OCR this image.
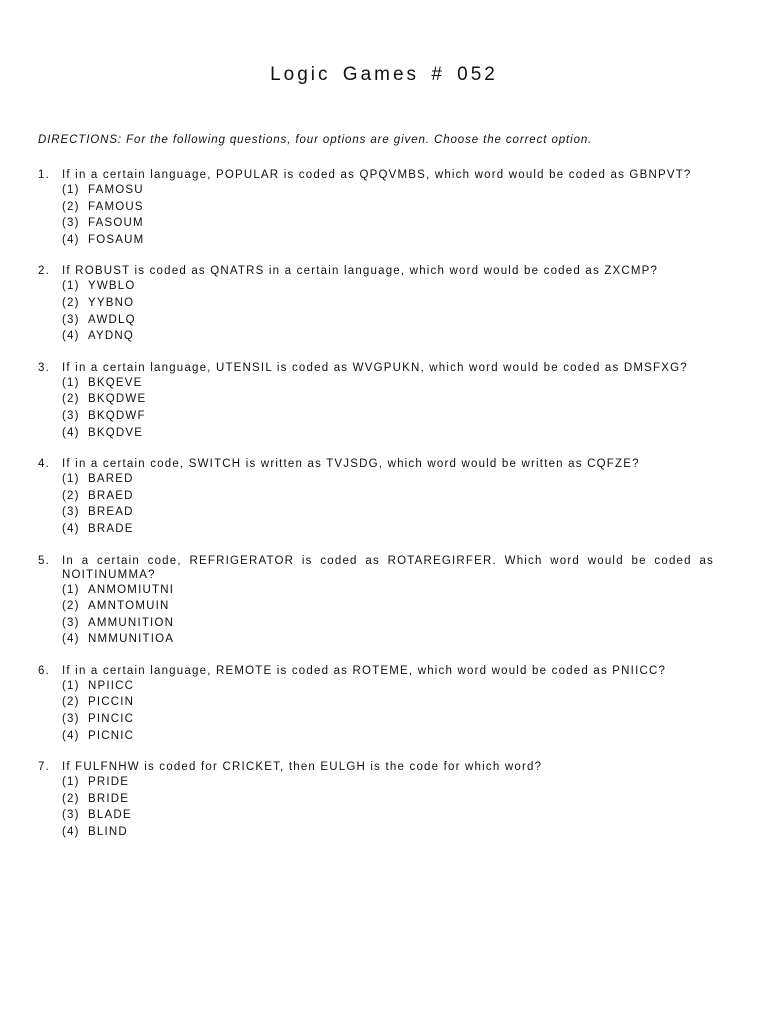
Logic Games # 052
DIRECTIONS: For the following questions, four options are given. Choose the correct option.
1.	If in a certain language, POPULAR is coded as QPQVMBS, which word would be coded as GBNPVT?
(1) FAMOSU
(2) FAMOUS
(3) FASOUM
(4) FOSAUM
2.	If ROBUST is coded as QNATRS in a certain language, which word would be coded as ZXCMP?
(1) YWBLO
(2) YYBNO
(3) AWDLQ
(4) AYDNQ
3.	If in a certain language, UTENSIL is coded as WVGPUKN, which word would be coded as DMSFXG?
(1) BKQEVE
(2) BKQDWE
(3) BKQDWF
(4) BKQDVE
4.	If in a certain code, SWITCH is written as TVJSDG, which word would be written as CQFZE?
(1) BARED
(2) BRAED
(3) BREAD
(4) BRADE
5.	In a certain code, REFRIGERATOR is coded as ROTAREGIRFER. Which word would be coded as NOITINUMMA?
(1) ANMOMIUTNI
(2) AMNTOMUIN
(3) AMMUNITION
(4) NMMUNITIOA
6.	If in a certain language, REMOTE is coded as ROTEME, which word would be coded as PNIICC?
(1) NPIICC
(2) PICCIN
(3) PINCIC
(4) PICNIC
7.	If FULFNHW is coded for CRICKET, then EULGH is the code for which word?
(1) PRIDE
(2) BRIDE
(3) BLADE
(4) BLIND
